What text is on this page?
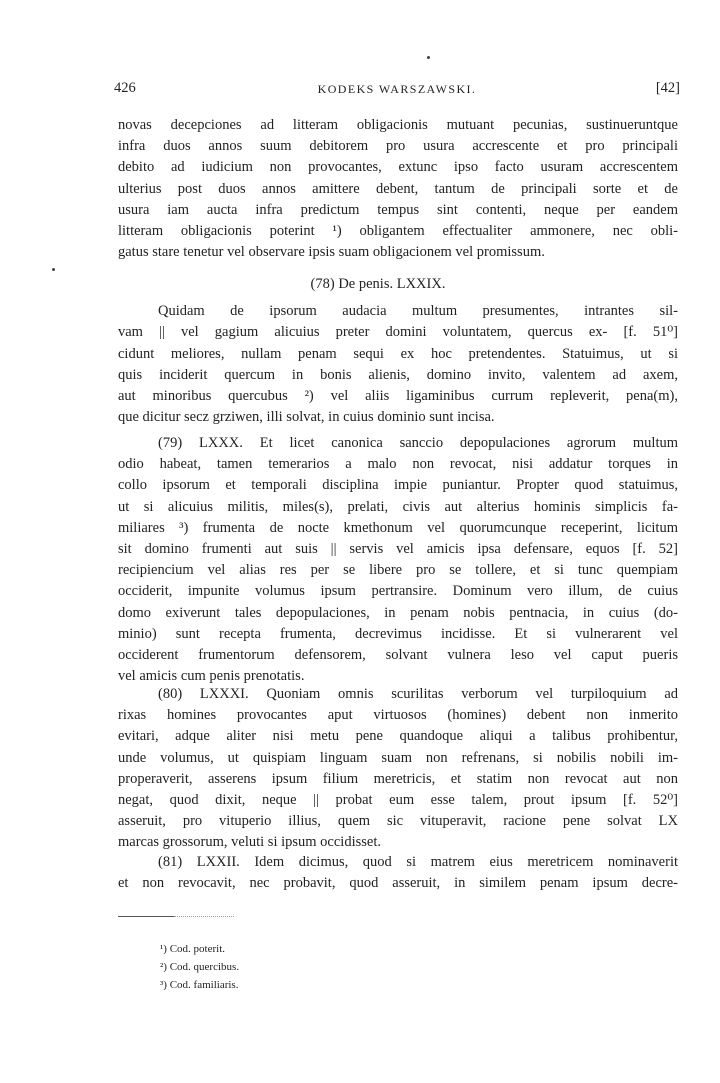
426	KODEKS WARSZAWSKI.	[42]
novas decepciones ad litteram obligacionis mutuant pecunias, sustinueruntque
infra duos annos suum debitorem pro usura accrescente et pro principali
debito ad iudicium non provocantes, extunc ipso facto usuram accrescentem
ulterius post duos annos amittere debent, tantum de principali sorte et de
usura iam aucta infra predictum tempus sint contenti, neque per eandem
litteram obligacionis poterint ¹) obligantem effectualiter ammonere, nec obli-
gatus stare tenetur vel observare ipsis suam obligacionem vel promissum.
(78) De penis. LXXIX.
Quidam de ipsorum audacia multum presumentes, intrantes sil-
vam || vel gagium alicuius preter domini voluntatem, quercus ex- [f. 51⁰]
cidunt meliores, nullam penam sequi ex hoc pretendentes. Statuimus, ut si
quis inciderit quercum in bonis alienis, domino invito, valentem ad axem,
aut minoribus quercubus ²) vel aliis ligaminibus currum repleverit, pena(m),
que dicitur secz grziwen, illi solvat, in cuius dominio sunt incisa.
(79) LXXX. Et licet canonica sanccio depopulaciones agrorum multum
odio habeat, tamen temerarios a malo non revocat, nisi addatur torques in
collo ipsorum et temporali disciplina impie puniantur. Propter quod statuimus,
ut si alicuius militis, miles(s), prelati, civis aut alterius hominis simplicis fa-
miliares ³) frumenta de nocte kmethonum vel quorumcunque receperint, licitum
sit domino frumenti aut suis || servis vel amicis ipsa defensare, equos [f. 52]
recipiencium vel alias res per se libere pro se tollere, et si tunc quempiam
occiderit, impunite volumus ipsum pertransire. Dominum vero illum, de cuius
domo exiverunt tales depopulaciones, in penam nobis pentnacia, in cuius (do-
minio) sunt recepta frumenta, decrevimus incidisse. Et si vulnerarent vel
occiderent frumentorum defensorem, solvant vulnera leso vel caput pueris
vel amicis cum penis prenotatis.
(80) LXXXI. Quoniam omnis scurilitas verborum vel turpiloquium ad
rixas homines provocantes aput virtuosos (homines) debent non inmerito
evitari, adque aliter nisi metu pene quandoque aliqui a talibus prohibentur,
unde volumus, ut quispiam linguam suam non refrenans, si nobilis nobili im-
properaverit, asserens ipsum filium meretricis, et statim non revocat aut non
negat, quod dixit, neque || probat eum esse talem, prout ipsum [f. 52⁰]
asseruit, pro vituperio illius, quem sic vituperavit, racione pene solvat LX
marcas grossorum, veluti si ipsum occidisset.
(81) LXXII. Idem dicimus, quod si matrem eius meretricem nominaverit
et non revocavit, nec probavit, quod asseruit, in similem penam ipsum decre-
¹) Cod. poterit.
²) Cod. quercibus.
³) Cod. familiaris.
